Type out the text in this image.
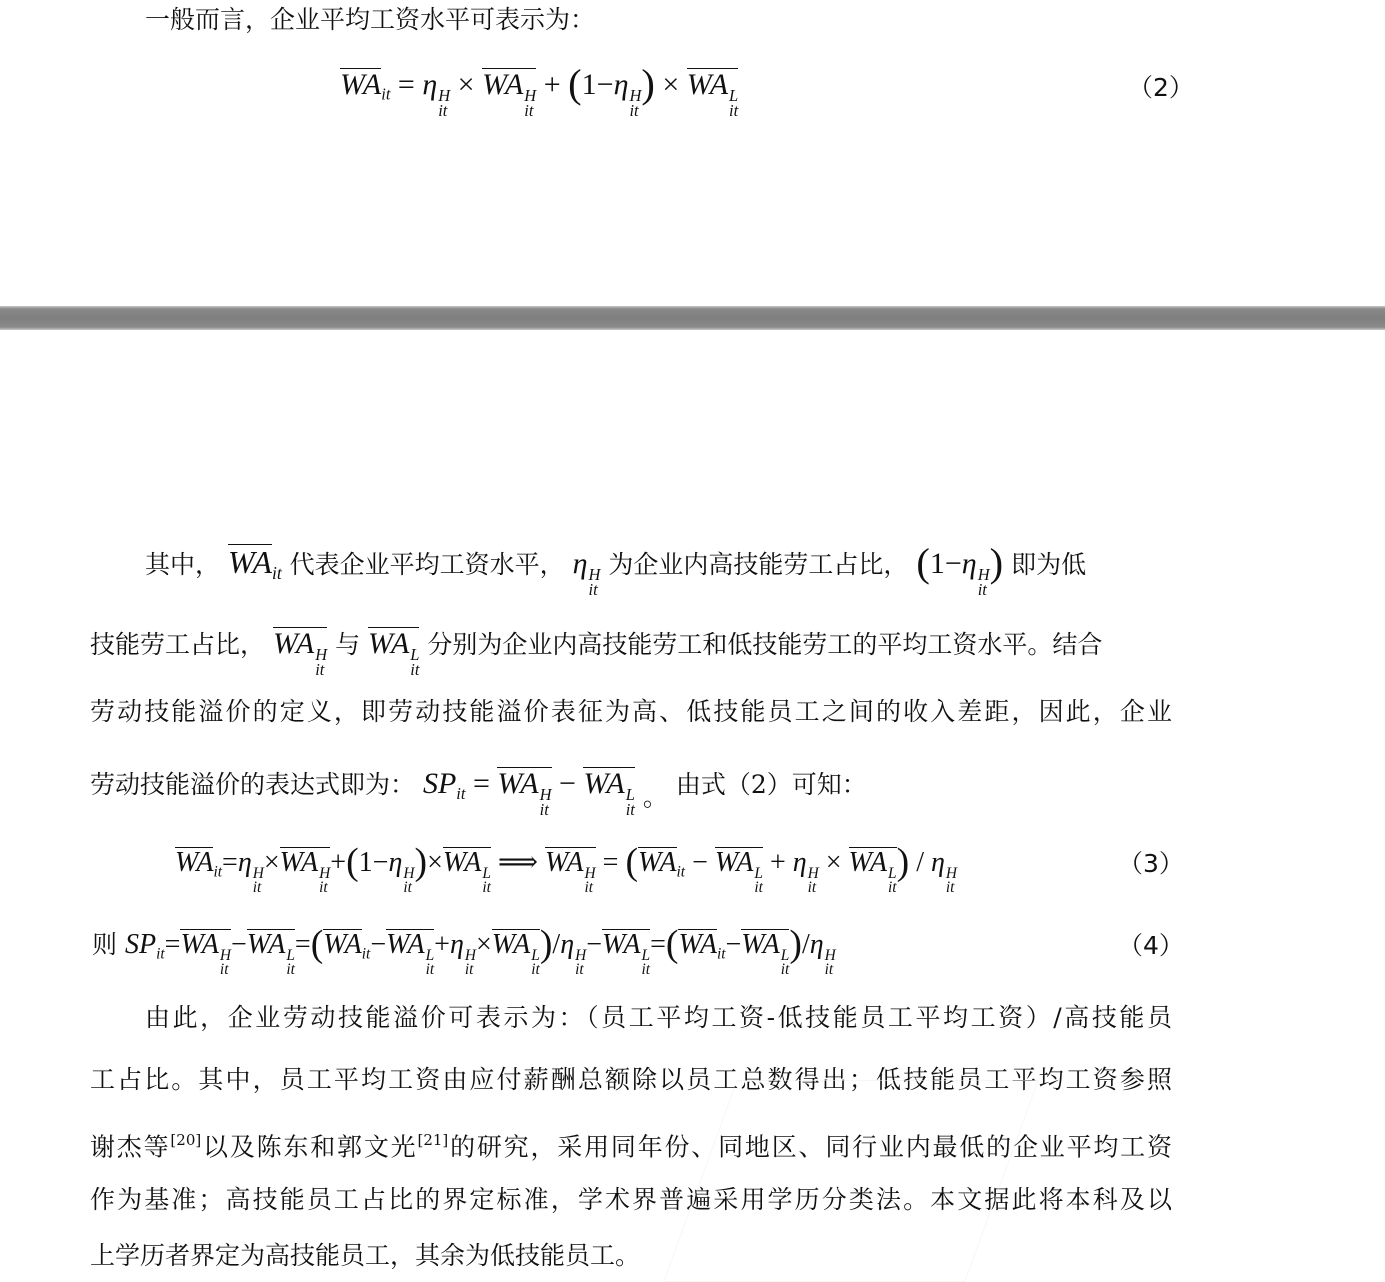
一般而言，企业平均工资水平可表示为：
$WA_{it} = \eta$ H
it
× WA H
it
+ (1−η H
it
) × WA L
it
（2）
其中， $WA_{it}$ 代表企业平均工资水平， η H
it
为企业内高技能劳工占比， (1−η H
it
) 即为低
技能劳工占比， WA H
it
与 WA L
it
分别为企业内高技能劳工和低技能劳工的平均工资水平。结合
劳动技能溢价的定义，即劳动技能溢价表征为高、低技能员工之间的收入差距，因此，企业
劳动技能溢价的表达式即为： $SP_{it}$ = WA H
it
− WA L
it 。 由式（2）可知：
$WA_{it}=\eta$ H
it
×WA H
it
+(1−η H
it
)×WA L
it
⟹ WA H
it
= ($WA_{it}$ − WA L
it
+ η H
it
× WA L
it
) / η H
it
（3）
则 $SP_{it}=WA$ H
it
−WA L
it
$=(WA_{it}-WA$ L
it
+η H
it
×WA L
it
)/η H
it
−WA L
it
$=(WA_{it}-WA$ L
it
)/η H
it
（4）
由此，企业劳动技能溢价可表示为：（员工平均工资-低技能员工平均工资）/高技能员
工占比。其中，员工平均工资由应付薪酬总额除以员工总数得出；低技能员工平均工资参照
谢杰等[20]以及陈东和郭文光[21]的研究，采用同年份、同地区、同行业内最低的企业平均工资
作为基准；高技能员工占比的界定标准，学术界普遍采用学历分类法。本文据此将本科及以
上学历者界定为高技能员工，其余为低技能员工。
